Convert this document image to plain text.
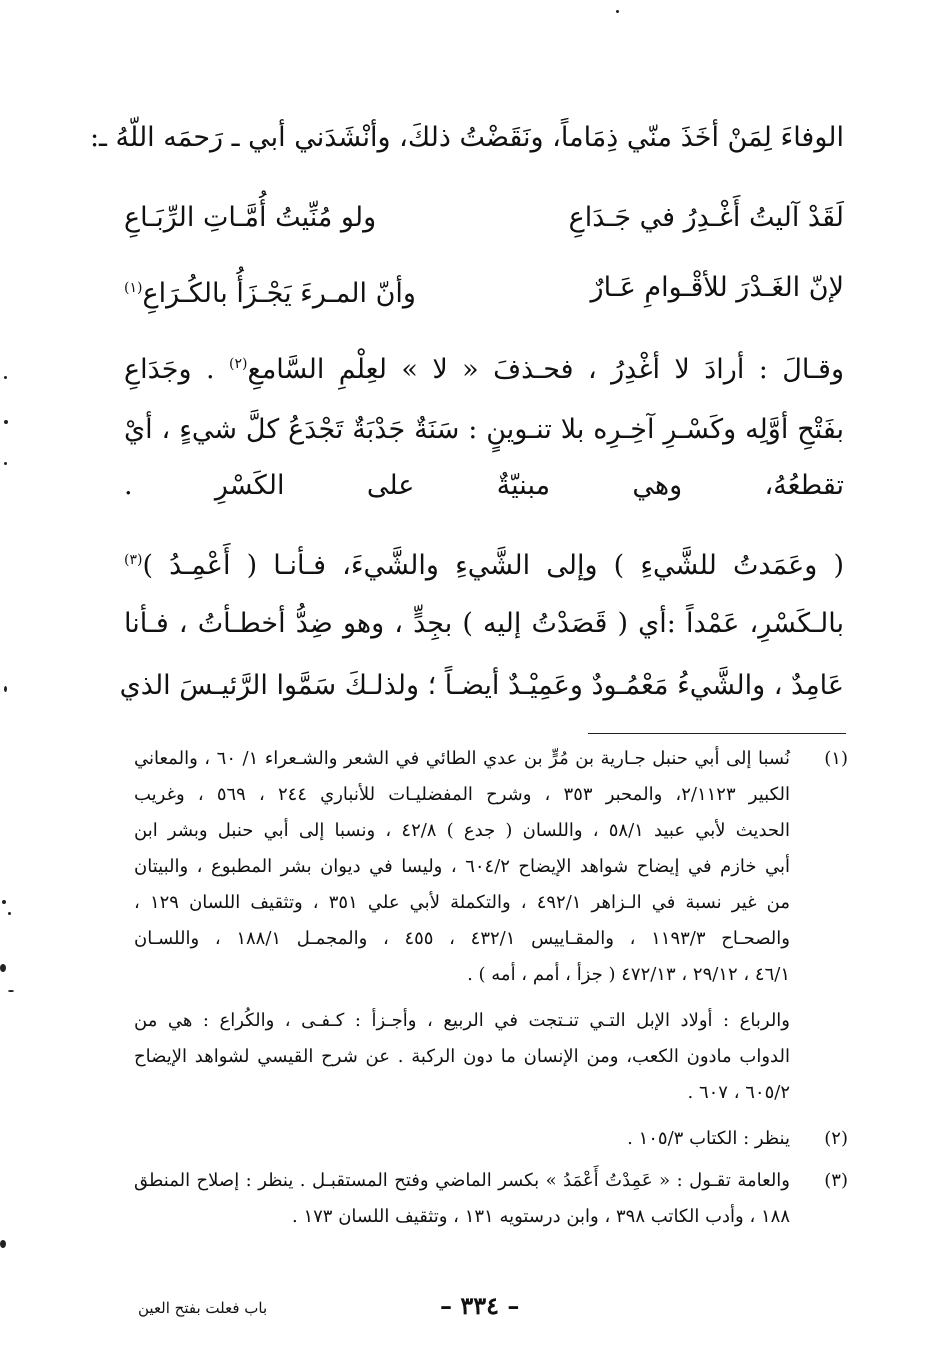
الوفاءَ لِمَنْ أخَذَ منّي ذِمَاماً، ونَقَضْتُ ذلكَ، وأنْشَدَني أبي ـ رَحمَه اللّهُ ـ:
لَقَدْ آليتُ أَغْـدِرُ في جَـدَاعِ
ولو مُنِّيتُ أُمَّـاتِ الرِّبَـاعِ
لإنّ الغَـدْرَ للأقْـوامِ عَـارٌ
وأنّ المـرءَ يَجْـزَأُ بالكُـرَاعِ$^{(١)}$
وقـالَ : أرادَ لا أغْدِرُ ، فحـذفَ « لا » لعِلْمِ السَّامعِ$^{(٢)}$ . وجَدَاعِ
بفَتْحِ أوَّلِه وكَسْـرِ آخِـرِه بلا تنـوينٍ : سَنَةٌ جَدْبَةٌ تَجْدَعُ كلَّ شيءٍ ، أيْ
تقطعُهُ، وهي مبنيّةٌ على الكَسْرِ .
( وعَمَدتُ للشَّيءِ ) وإلى الشَّيءِ والشَّيءَ، فـأنـا ( أَعْمِـدُ )$^{(٣)}$
بالـكَسْرِ، عَمْداً :أي ( قَصَدْتُ إليه ) بجِدٍّ ، وهو ضِدُّ أخطـأتُ ، فـأنا
عَامِدٌ ، والشَّيءُ مَعْمُـودٌ وعَمِيْـدٌ أيضـاً ؛ ولذلـكَ سَمَّوا الرَّئيـسَ الذي
(١)
نُسبا إلى أبي حنبل جـارية بن مُرٍّ بن عدي الطائي في الشعر والشـعراء ١/ ٦٠ ، والمعاني
الكبير ٢/١١٢٣، والمحبر ٣٥٣ ، وشرح المفضليـات للأنباري ٢٤٤ ، ٥٦٩ ، وغريب
الحديث لأبي عبيد ٥٨/١ ، واللسان ( جدع ) ٤٢/٨ ، ونسبا إلى أبي حنبل وبشر ابن
أبي خازم في إيضاح شواهد الإيضاح ٦٠٤/٢ ، وليسا في ديوان بشر المطبوع ، والبيتان
من غير نسبة في الـزاهر ٤٩٢/١ ، والتكملة لأبي علي ٣٥١ ، وتثقيف اللسان ١٢٩ ،
والصحـاح ١١٩٣/٣ ، والمقـاييس ٤٣٢/١ ، ٤٥٥ ، والمجمـل ١٨٨/١ ، واللسـان
٤٦/١ ، ٢٩/١٢ ، ٤٧٢/١٣ ( جزأ ، أمم ، أمه ) .
والرباع : أولاد الإبل التـي تنـتجت في الربيع ، وأجـزأ : كـفـى ، والكُراع : هي من
الدواب مادون الكعب، ومن الإنسان ما دون الركبة . عن شرح القيسي لشواهد الإيضاح
٦٠٥/٢ ، ٦٠٧ .
(٢)
ينظر : الكتاب ١٠٥/٣ .
(٣)
والعامة تقـول : « عَمِدْتُ أَعْمَدُ » بكسر الماضي وفتح المستقبـل . ينظر : إصلاح المنطق
١٨٨ ، وأدب الكاتب ٣٩٨ ، وابن درستويه ١٣١ ، وتثقيف اللسان ١٧٣ .
– ٣٣٤ –
باب فعلت بفتح العين
